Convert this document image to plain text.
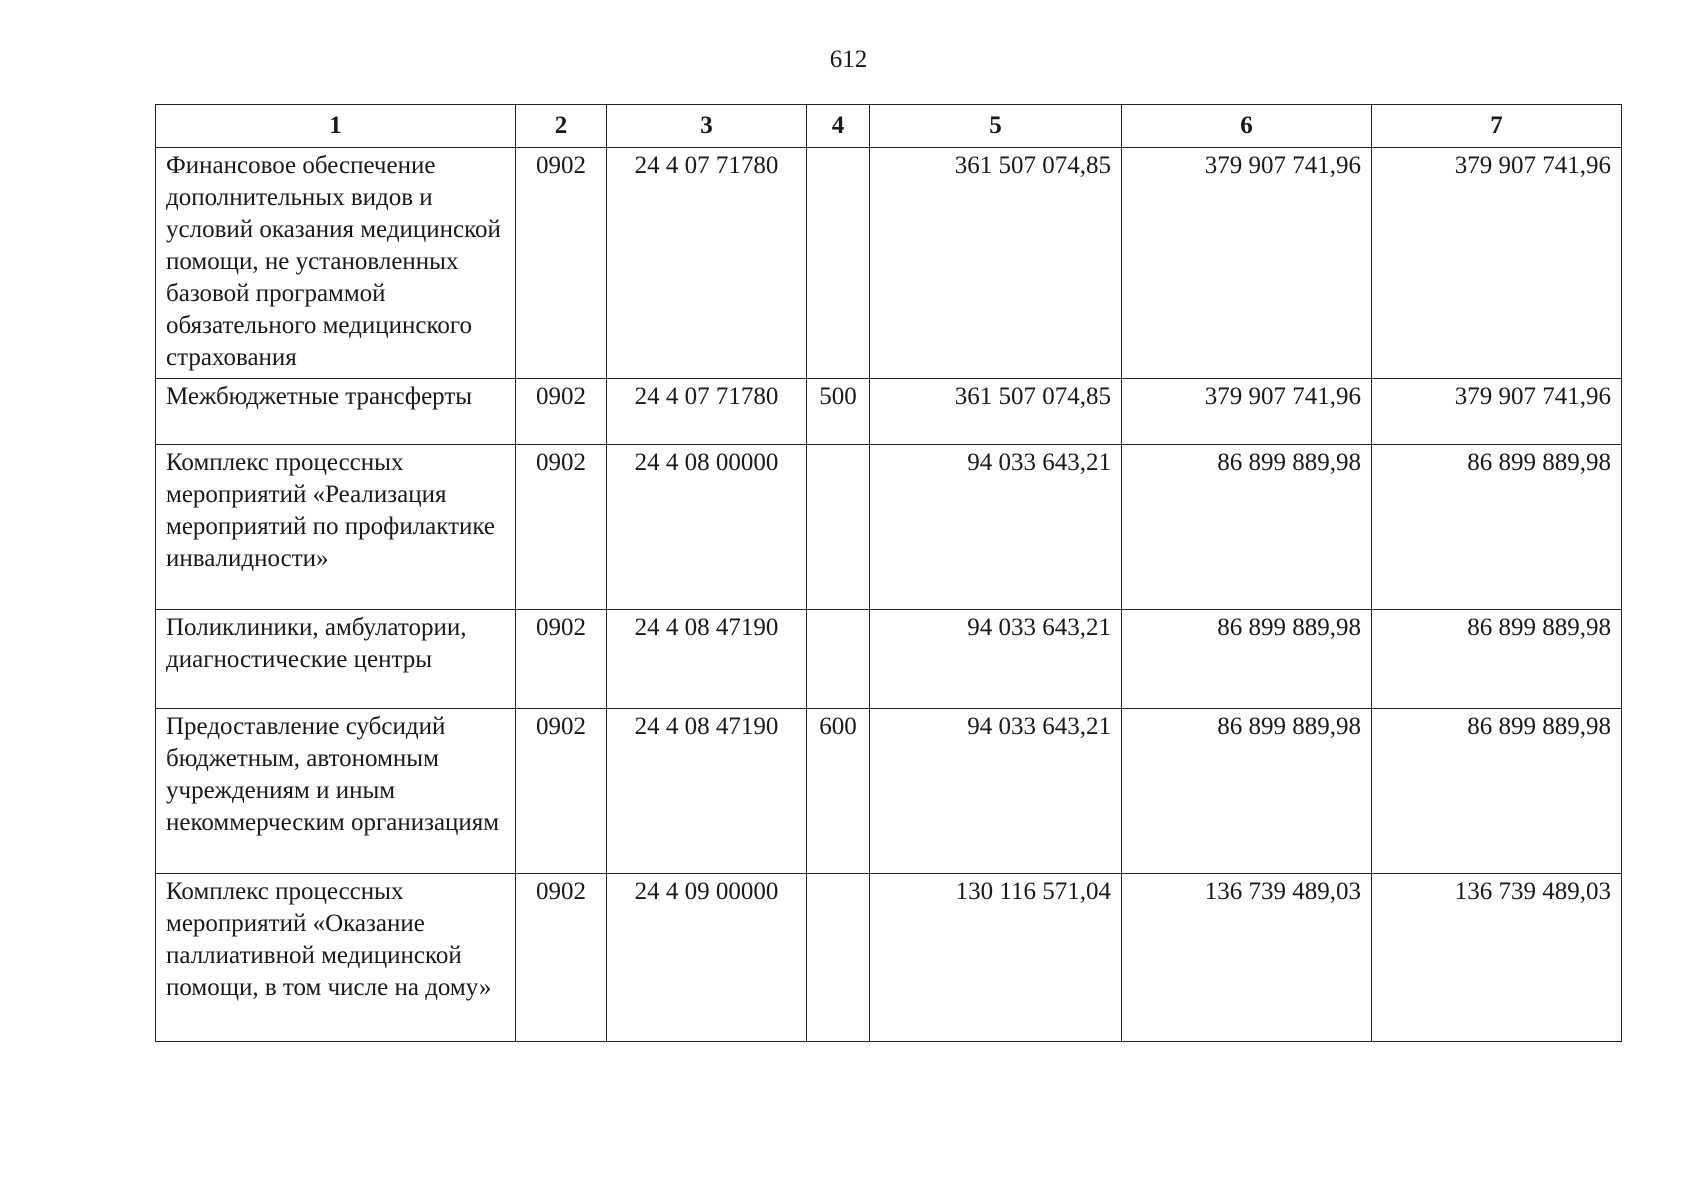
612
1	2	3	4	5	6	7
Финансовое обеспечение дополнительных видов и условий оказания медицинской помощи, не установленных базовой программой обязательного медицинского страхования	0902	24 4 07 71780		361 507 074,85	379 907 741,96	379 907 741,96
Межбюджетные трансферты	0902	24 4 07 71780	500	361 507 074,85	379 907 741,96	379 907 741,96
Комплекс процессных мероприятий «Реализация мероприятий по профилактике инвалидности»	0902	24 4 08 00000		94 033 643,21	86 899 889,98	86 899 889,98
Поликлиники, амбулатории, диагностические центры	0902	24 4 08 47190		94 033 643,21	86 899 889,98	86 899 889,98
Предоставление субсидий бюджетным, автономным учреждениям и иным некоммерческим организациям	0902	24 4 08 47190	600	94 033 643,21	86 899 889,98	86 899 889,98
Комплекс процессных мероприятий «Оказание паллиативной медицинской помощи, в том числе на дому»	0902	24 4 09 00000		130 116 571,04	136 739 489,03	136 739 489,03
